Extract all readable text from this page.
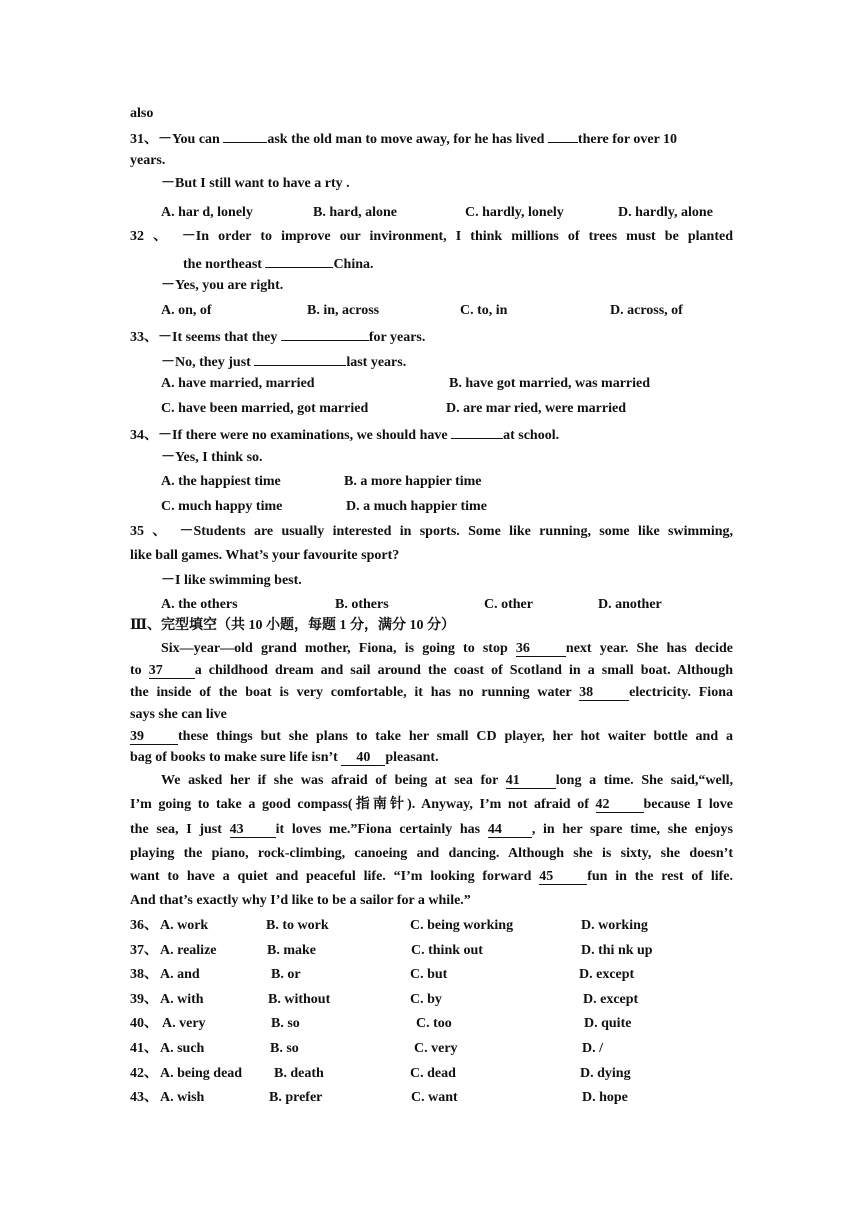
also
31、－You can	ask the old man to move away, for he has lived there for over 10
years.
－But I still want to have a rty .
A. har d, lonely	B. hard, alone	C. hardly, lonely	D. hardly, alone
32 、 －In order to improve our invironment, I think millions of trees must be planted
the northeast	China.
－Yes, you are right.
A. on, of	B. in, across	C. to, in	D. across, of
33、－It seems that they	for years.
－No, they just	last years.
A. have married, married	B. have got married, was married
C. have been married, got married	D. are mar ried, were married
34、－If there were no examinations, we should have	at school.
－Yes, I think so.
A. the happiest time	B. a more happier time
C. much happy time	D. a much happier time
35 、 －Students are usually interested in sports. Some like running, some like swimming,
like ball games. What’s your favourite sport?
－I like swimming best.
A. the others	B. others	C. other	D. another
Ⅲ、完型填空（共 10 小题，每题 1 分，满分 10 分）
Six—year—old grand mother, Fiona, is going to stop 36	next year. She has decide
to 37 a childhood dream and sail around the coast of Scotland in a small boat. Although
the inside of the boat is very comfortable, it has no running water 38	electricity. Fiona
says she can live
39 these things but she plans to take her small CD player, her hot waiter bottle and a
bag of books to make sure life isn’t 40 pleasant.
We asked her if she was afraid of being at sea for 41	long a time. She said,“well,
I’m going to take a good compass(指南针). Anyway, I’m not afraid of 42 because I love
the sea, I just 43 it loves me.”Fiona certainly has 44 , in her spare time, she enjoys
playing the piano, rock-climbing, canoeing and dancing. Although she is sixty, she doesn’t
want to have a quiet and peaceful life. “I’m looking forward 45 fun in the rest of life.
And that’s exactly why I’d like to be a sailor for a while.”
36、 A. work	B. to work	C. being working	D. working
37、 A. realize	B. make	C. think out	D. thi nk up
38、 A. and	B. or	C. but	D. except
39、 A. with	B. without	C. by	D. except
40、 A. very	B. so	C. too	D. quite
41、 A. such	B. so	C. very	D. /
42、 A. being dead B. death	C. dead	D. dying
43、 A. wish	B. prefer	C. want	D. hope
